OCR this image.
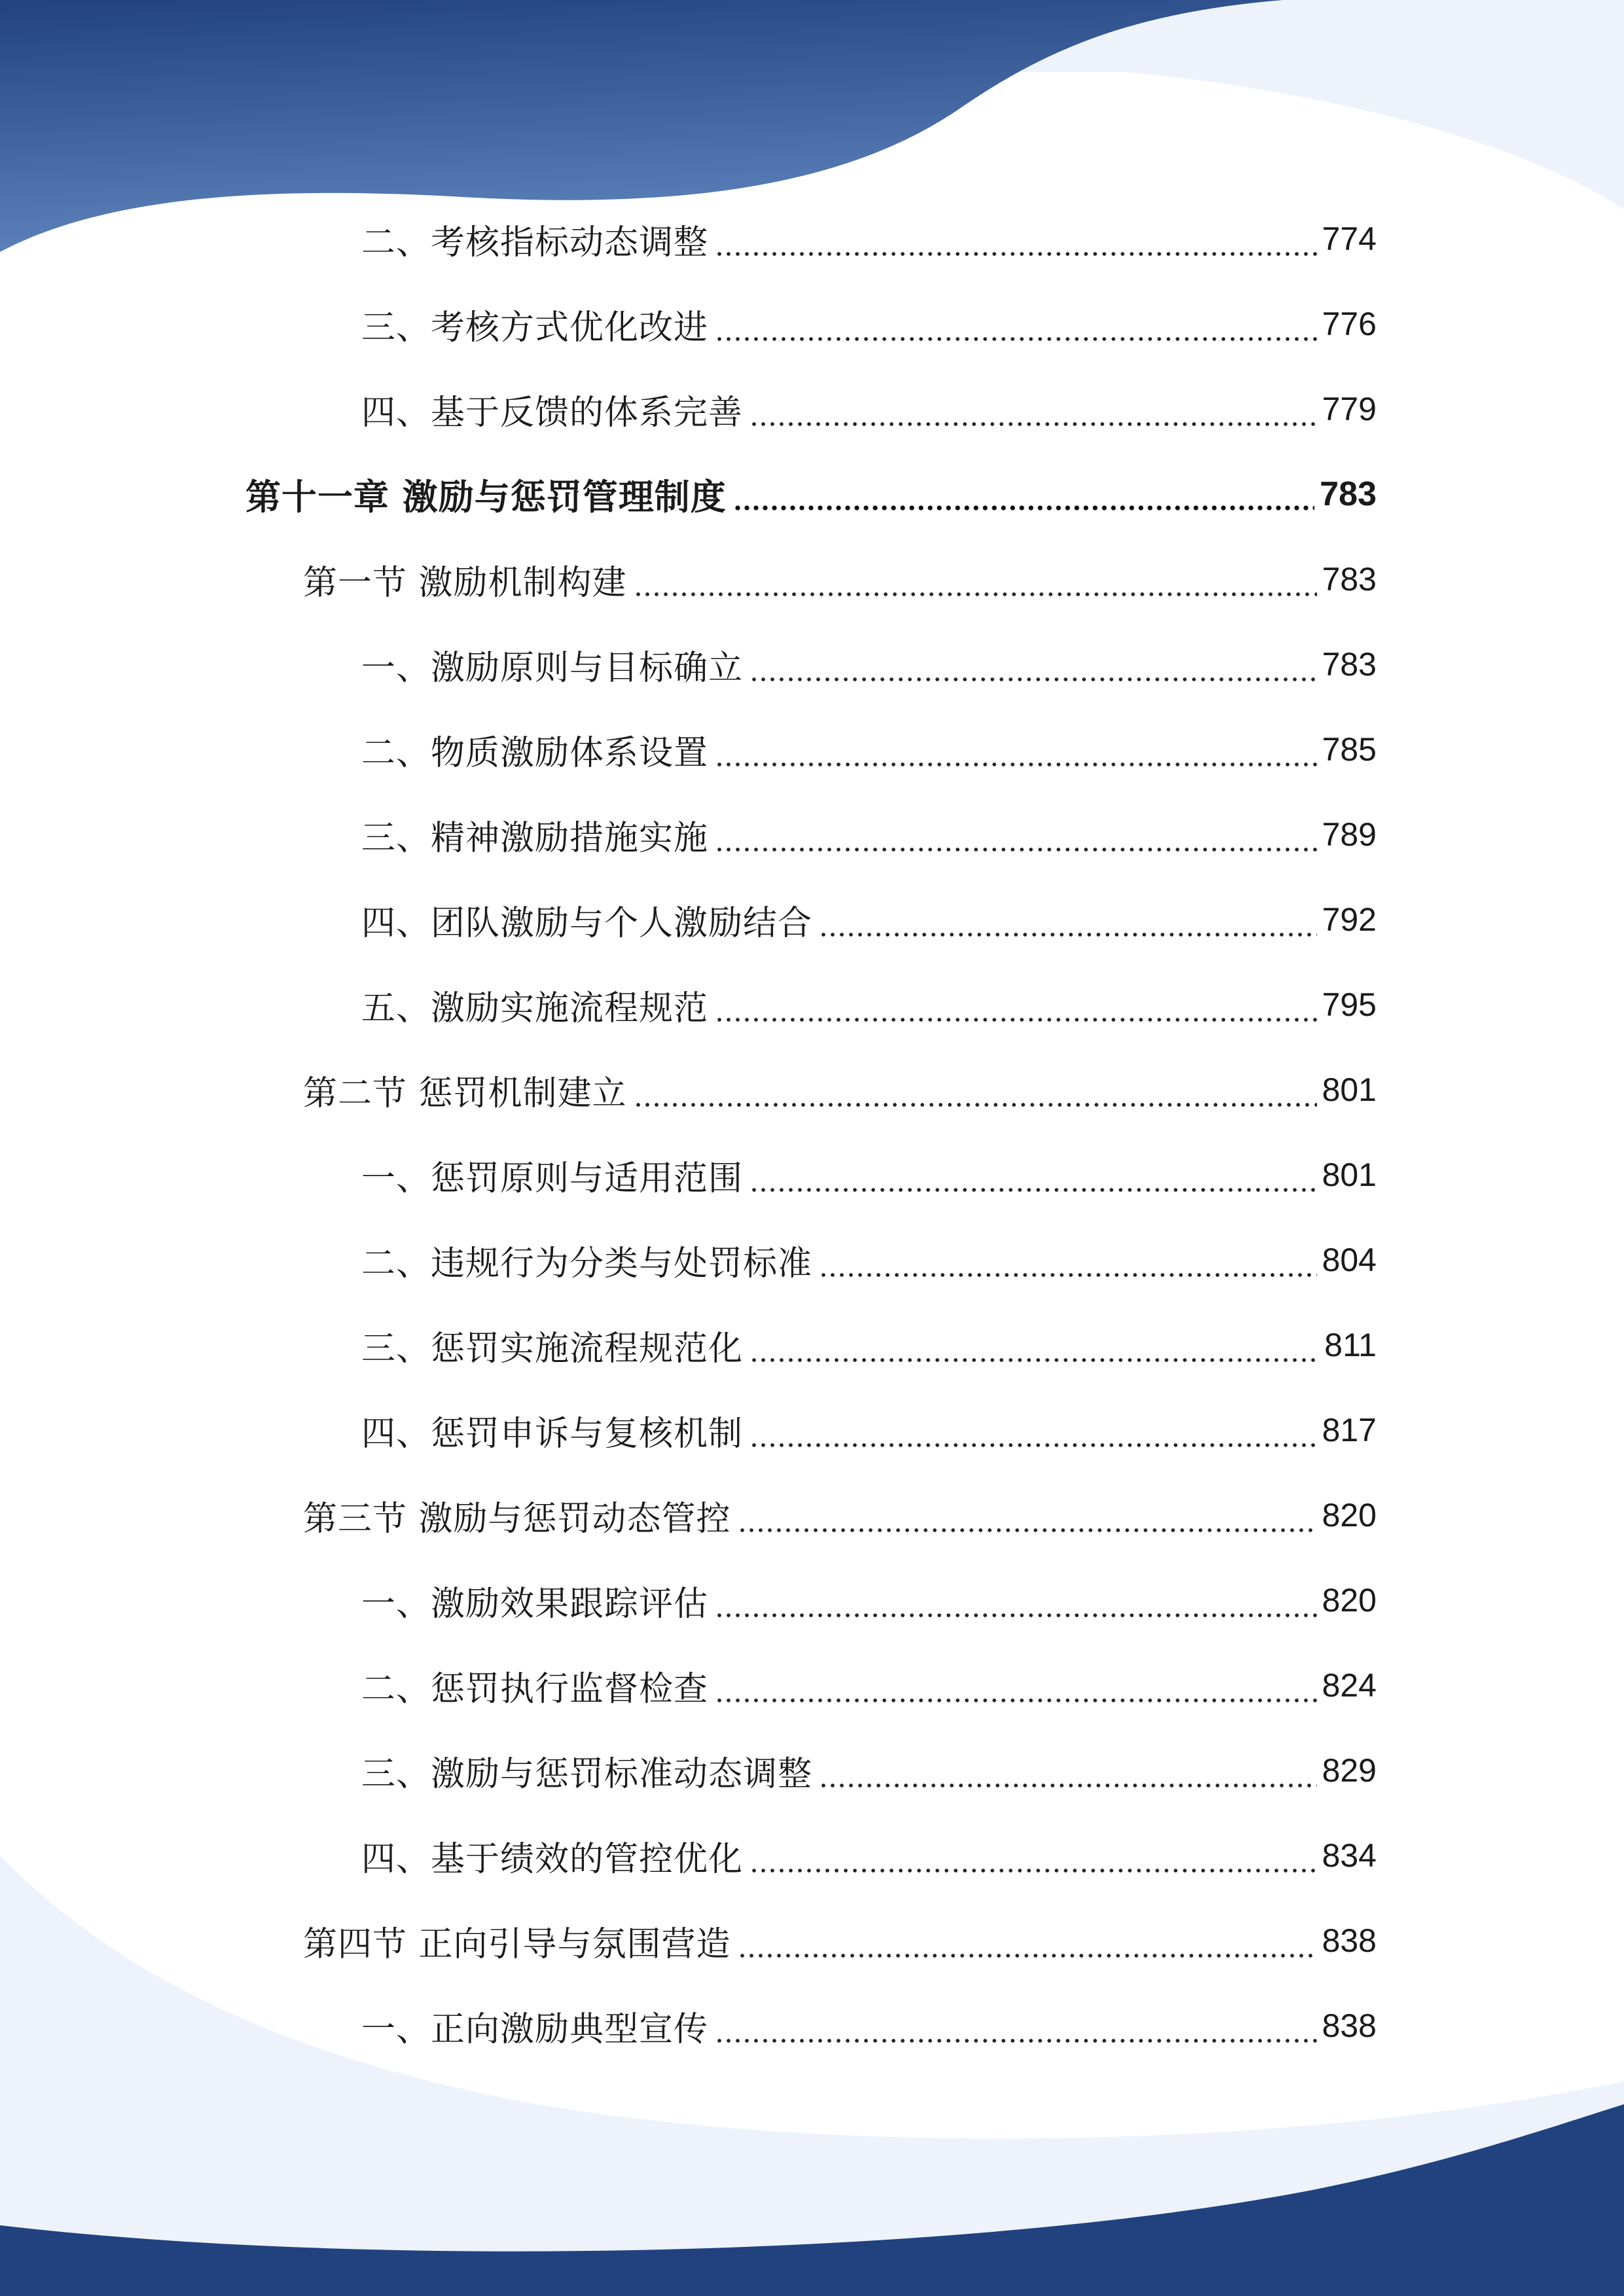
二、考核指标动态调整	774
三、考核方式优化改进	776
四、基于反馈的体系完善	779
第十一章 激励与惩罚管理制度	783
第一节 激励机制构建	783
一、激励原则与目标确立	783
二、物质激励体系设置	785
三、精神激励措施实施	789
四、团队激励与个人激励结合	792
五、激励实施流程规范	795
第二节 惩罚机制建立	801
一、惩罚原则与适用范围	801
二、违规行为分类与处罚标准	804
三、惩罚实施流程规范化	811
四、惩罚申诉与复核机制	817
第三节 激励与惩罚动态管控	820
一、激励效果跟踪评估	820
二、惩罚执行监督检查	824
三、激励与惩罚标准动态调整	829
四、基于绩效的管控优化	834
第四节 正向引导与氛围营造	838
一、正向激励典型宣传	838
